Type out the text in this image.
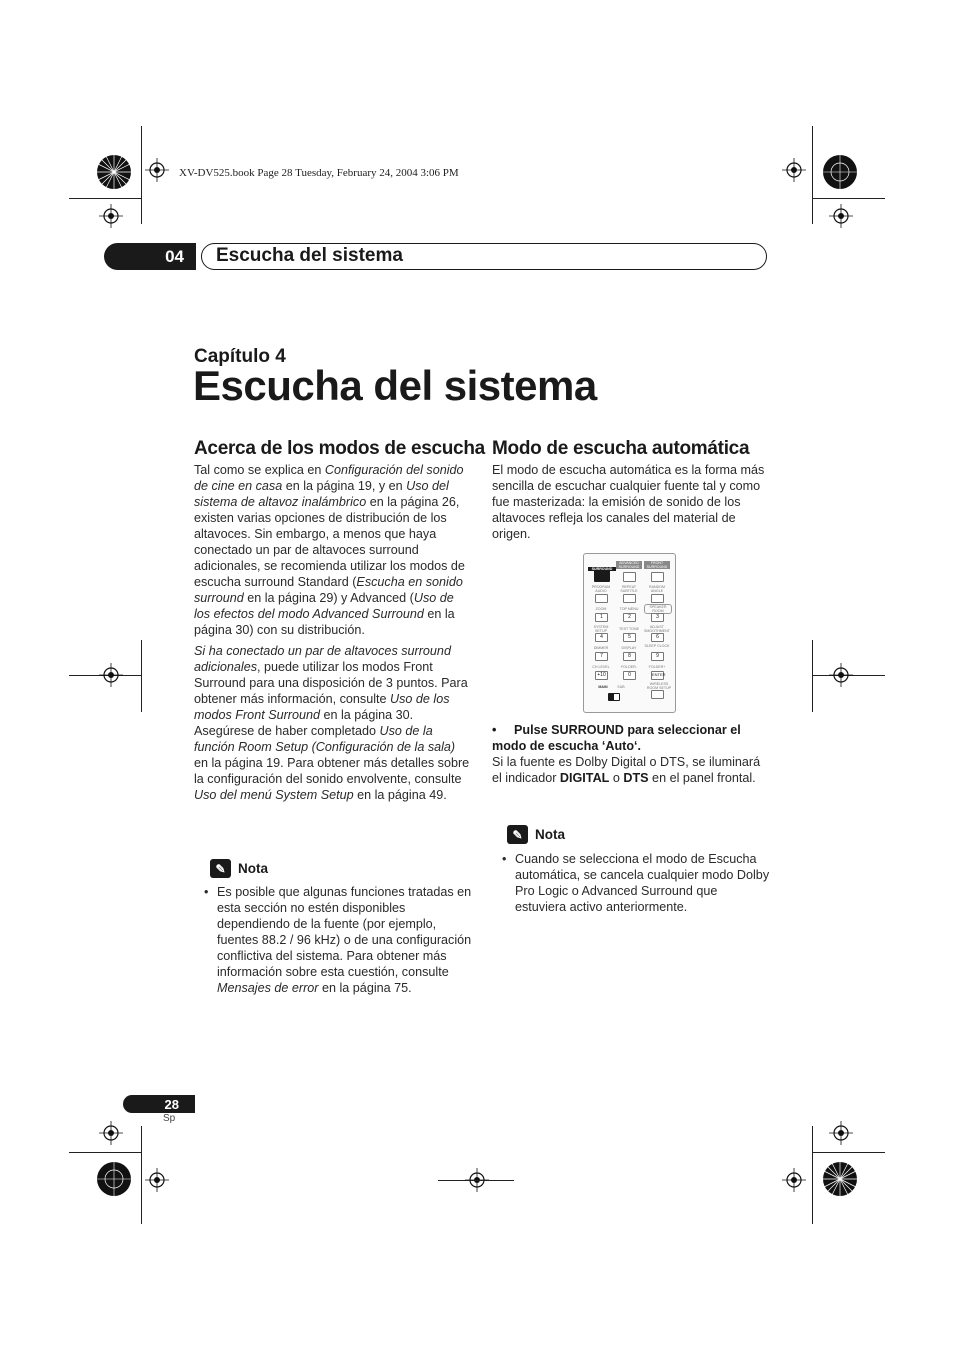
XV-DV525.book Page 28 Tuesday, February 24, 2004 3:06 PM
04	Escucha del sistema
Capítulo 4
Escucha del sistema
Acerca de los modos de escucha

Tal como se explica en Configuración del sonido de cine en casa en la página 19, y en Uso del sistema de altavoz inalámbrico en la página 26, existen varias opciones de distribución de los altavoces. Sin embargo, a menos que haya conectado un par de altavoces surround adicionales, se recomienda utilizar los modos de escucha surround Standard (Escucha en sonido surround en la página 29) y Advanced (Uso de los efectos del modo Advanced Surround en la página 30) con su distribución.

Si ha conectado un par de altavoces surround adicionales, puede utilizar los modos Front Surround para una disposición de 3 puntos. Para obtener más información, consulte Uso de los modos Front Surround en la página 30. Asegúrese de haber completado Uso de la función Room Setup (Configuración de la sala) en la página 19. Para obtener más detalles sobre la configuración del sonido envolvente, consulte Uso del menú System Setup en la página 49.

✎ Nota
• Es posible que algunas funciones tratadas en esta sección no estén disponibles dependiendo de la fuente (por ejemplo, fuentes 88.2 / 96 kHz) o de una configuración conflictiva del sistema. Para obtener más información sobre esta cuestión, consulte Mensajes de error en la página 75.
Modo de escucha automática
El modo de escucha automática es la forma más sencilla de escuchar cualquier fuente tal y como fue masterizada: la emisión de sonido de los altavoces refleja los canales del material de origen.
SURROUND
ADVANCED SURROUND
FRONT SURROUND
PROGRAM AUDIO
REPEAT SUBTITLE
RANDOM ANGLE
ZOOM	TOP MENU	SPEAKER ROOM
1	2	3
SYSTEM SETUP	TEST TONE	ADJUST SMOOTHMENT
4	5	6
DIMMER	DISPLAY	SLEEP CLOCK
7	8	9
CH LEVEL	FOLDER-	FOLDER+
+10	0	ENTER
MAIN	SUB
WIRELESS ROOM SETUP
• Pulse SURROUND para seleccionar el modo de escucha ‘Auto‘.
Si la fuente es Dolby Digital o DTS, se iluminará el indicador DIGITAL o DTS en el panel frontal.
✎ Nota
• Cuando se selecciona el modo de Escucha automática, se cancela cualquier modo Dolby Pro Logic o Advanced Surround que estuviera activo anteriormente.
28
Sp
